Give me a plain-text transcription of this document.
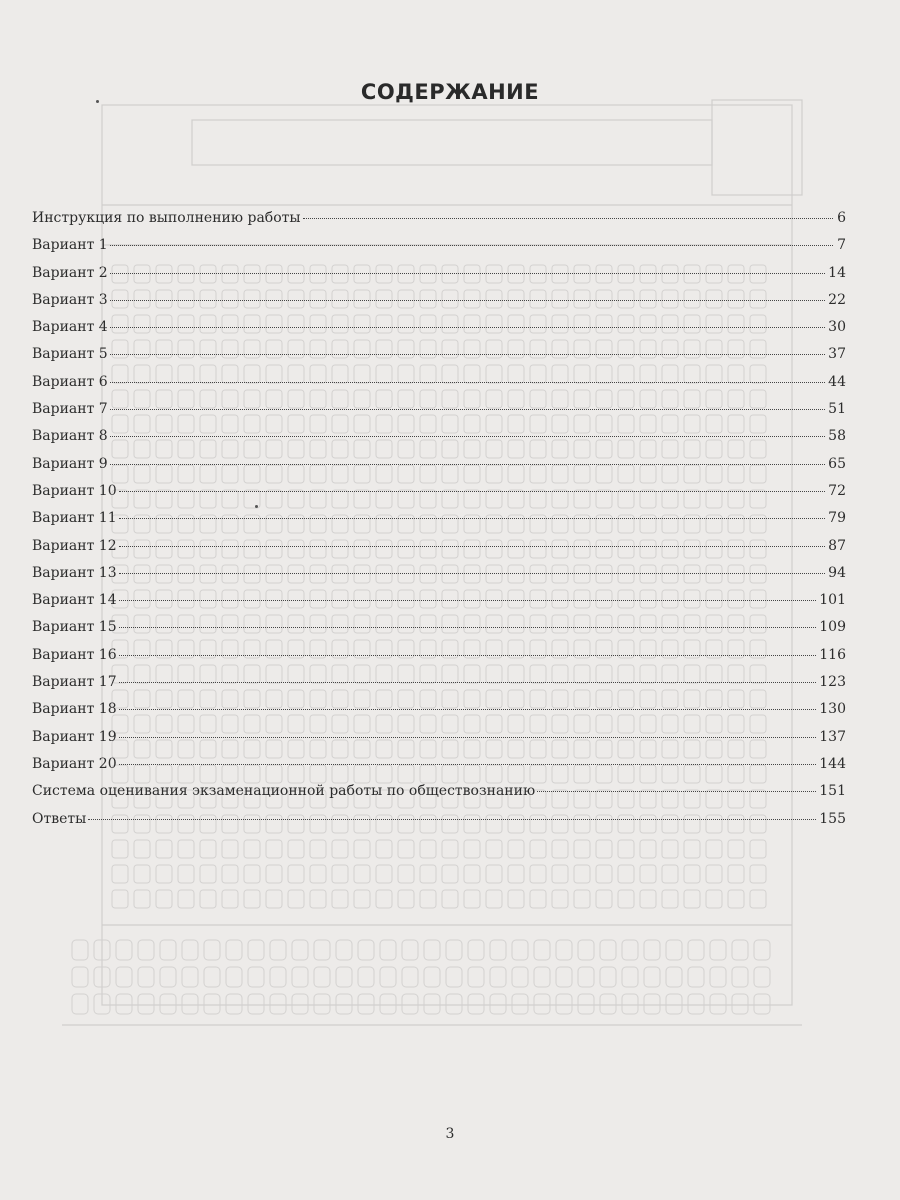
СОДЕРЖАНИЕ
Инструкция по выполнению работы	6
Вариант 1	7
Вариант 2	14
Вариант 3	22
Вариант 4	30
Вариант 5	37
Вариант 6	44
Вариант 7	51
Вариант 8	58
Вариант 9	65
Вариант 10	72
Вариант 11	79
Вариант 12	87
Вариант 13	94
Вариант 14	101
Вариант 15	109
Вариант 16	116
Вариант 17	123
Вариант 18	130
Вариант 19	137
Вариант 20	144
Система оценивания экзаменационной работы по обществознанию	151
Ответы	155
3
